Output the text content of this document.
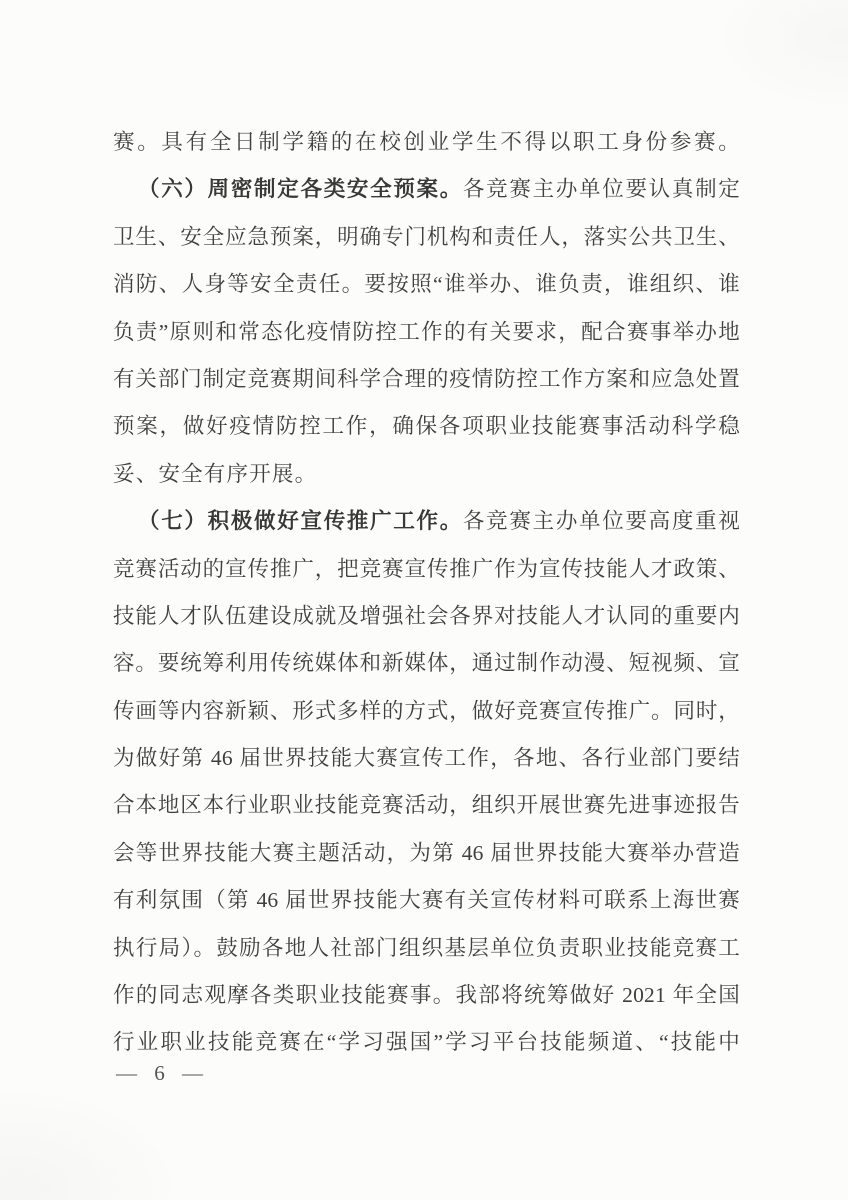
赛。具有全日制学籍的在校创业学生不得以职工身份参赛。
（六）周密制定各类安全预案。各竞赛主办单位要认真制定
卫生、安全应急预案，明确专门机构和责任人，落实公共卫生、
消防、人身等安全责任。要按照“谁举办、谁负责，谁组织、谁
负责”原则和常态化疫情防控工作的有关要求，配合赛事举办地
有关部门制定竞赛期间科学合理的疫情防控工作方案和应急处置
预案，做好疫情防控工作，确保各项职业技能赛事活动科学稳
妥、安全有序开展。
（七）积极做好宣传推广工作。各竞赛主办单位要高度重视
竞赛活动的宣传推广，把竞赛宣传推广作为宣传技能人才政策、
技能人才队伍建设成就及增强社会各界对技能人才认同的重要内
容。要统筹利用传统媒体和新媒体，通过制作动漫、短视频、宣
传画等内容新颖、形式多样的方式，做好竞赛宣传推广。同时，
为做好第 46 届世界技能大赛宣传工作，各地、各行业部门要结
合本地区本行业职业技能竞赛活动，组织开展世赛先进事迹报告
会等世界技能大赛主题活动，为第 46 届世界技能大赛举办营造
有利氛围（第 46 届世界技能大赛有关宣传材料可联系上海世赛
执行局）。鼓励各地人社部门组织基层单位负责职业技能竞赛工
作的同志观摩各类职业技能赛事。我部将统筹做好 2021 年全国
行业职业技能竞赛在“学习强国”学习平台技能频道、“技能中
— 6 —
